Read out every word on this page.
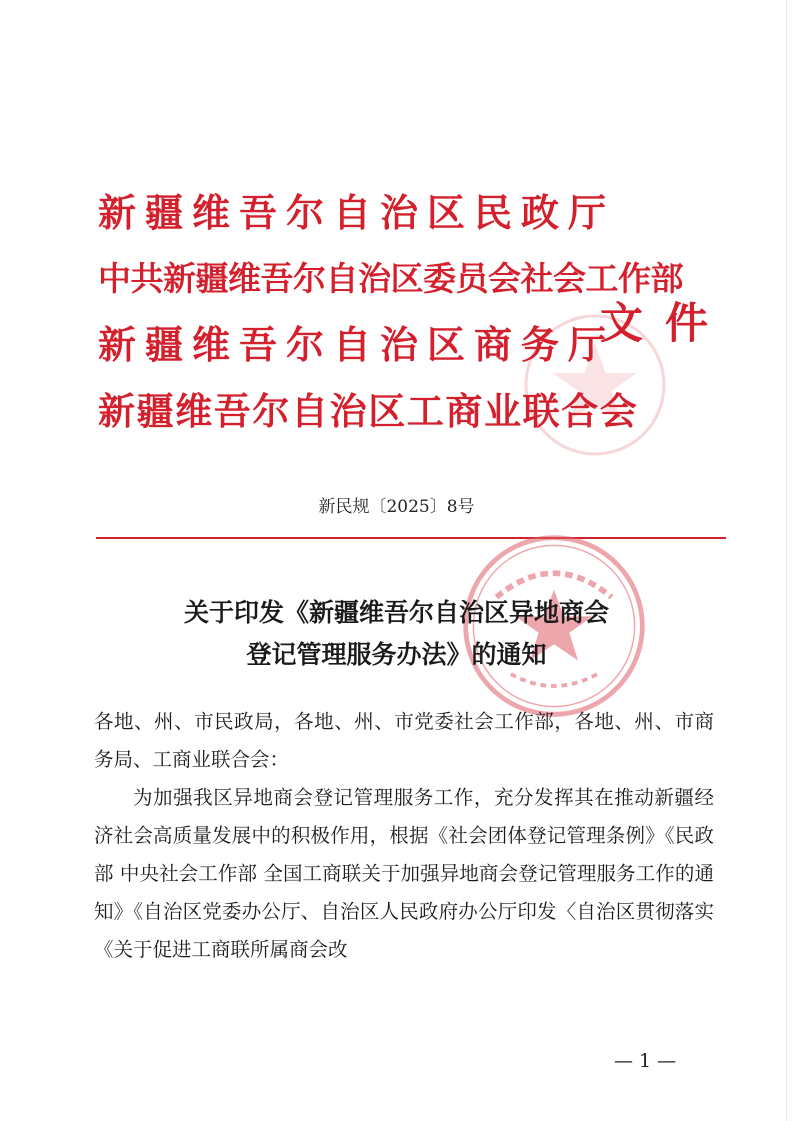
新疆维吾尔自治区民政厅
中共新疆维吾尔自治区委员会社会工作部
新疆维吾尔自治区商务厅
新疆维吾尔自治区工商业联合会
文件
新民规〔2025〕8号
关于印发《新疆维吾尔自治区异地商会
登记管理服务办法》的通知

各地、州、市民政局，各地、州、市党委社会工作部，各地、州、市商务局、工商业联合会：

为加强我区异地商会登记管理服务工作，充分发挥其在推动新疆经济社会高质量发展中的积极作用，根据《社会团体登记管理条例》《民政部 中央社会工作部 全国工商联关于加强异地商会登记管理服务工作的通知》《自治区党委办公厅、自治区人民政府办公厅印发〈自治区贯彻落实《关于促进工商联所属商会改

— 1 —
